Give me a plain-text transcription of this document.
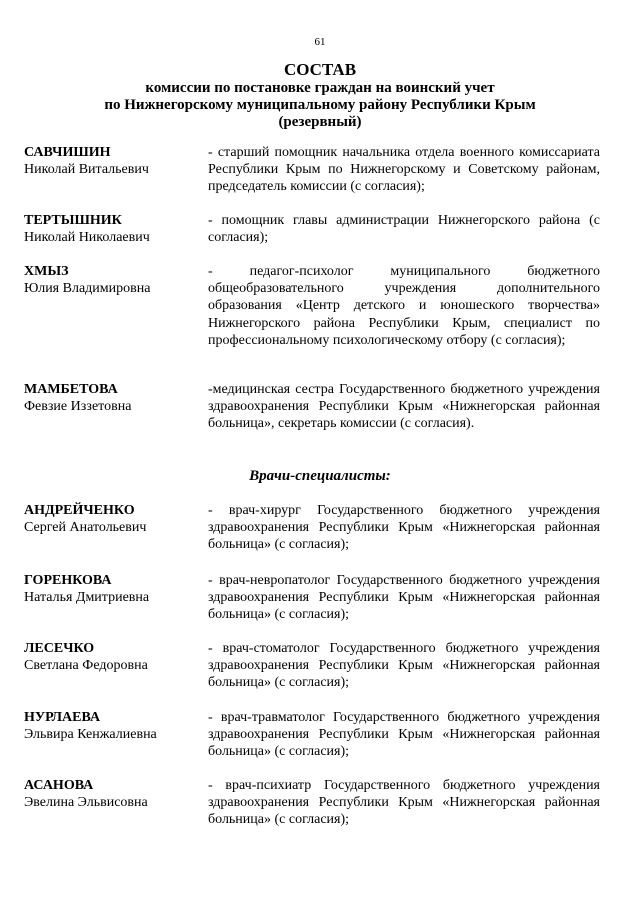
61
СОСТАВ
комиссии по постановке граждан на воинский учет
по Нижнегорскому муниципальному району Республики Крым
(резервный)
САВЧИШИН
Николай Витальевич
- старший помощник начальника отдела военного комиссариата Республики Крым по Нижнегорскому и Советскому районам, председатель комиссии (с согласия);
ТЕРТЫШНИК
Николай Николаевич
- помощник главы администрации Нижнегорского района (с согласия);
ХМЫЗ
Юлия Владимировна
- педагог-психолог муниципального бюджетного общеобразовательного учреждения дополнительного образования «Центр детского и юношеского творчества» Нижнегорского района Республики Крым, специалист по профессиональному психологическому отбору (с согласия);
МАМБЕТОВА
Февзие Иззетовна
-медицинская сестра Государственного бюджетного учреждения здравоохранения Республики Крым «Нижнегорская районная больница», секретарь комиссии (с согласия).
Врачи-специалисты:
АНДРЕЙЧЕНКО
Сергей Анатольевич
- врач-хирург Государственного бюджетного учреждения здравоохранения Республики Крым «Нижнегорская районная больница» (с согласия);
ГОРЕНКОВА
Наталья Дмитриевна
- врач-невропатолог Государственного бюджетного учреждения здравоохранения Республики Крым «Нижнегорская районная больница» (с согласия);
ЛЕСЕЧКО
Светлана Федоровна
- врач-стоматолог Государственного бюджетного учреждения здравоохранения Республики Крым «Нижнегорская районная больница» (с согласия);
НУРЛАЕВА
Эльвира Кенжалиевна
- врач-травматолог Государственного бюджетного учреждения здравоохранения Республики Крым «Нижнегорская районная больница» (с согласия);
АСАНОВА
Эвелина Эльвисовна
- врач-психиатр Государственного бюджетного учреждения здравоохранения Республики Крым «Нижнегорская районная больница» (с согласия);
